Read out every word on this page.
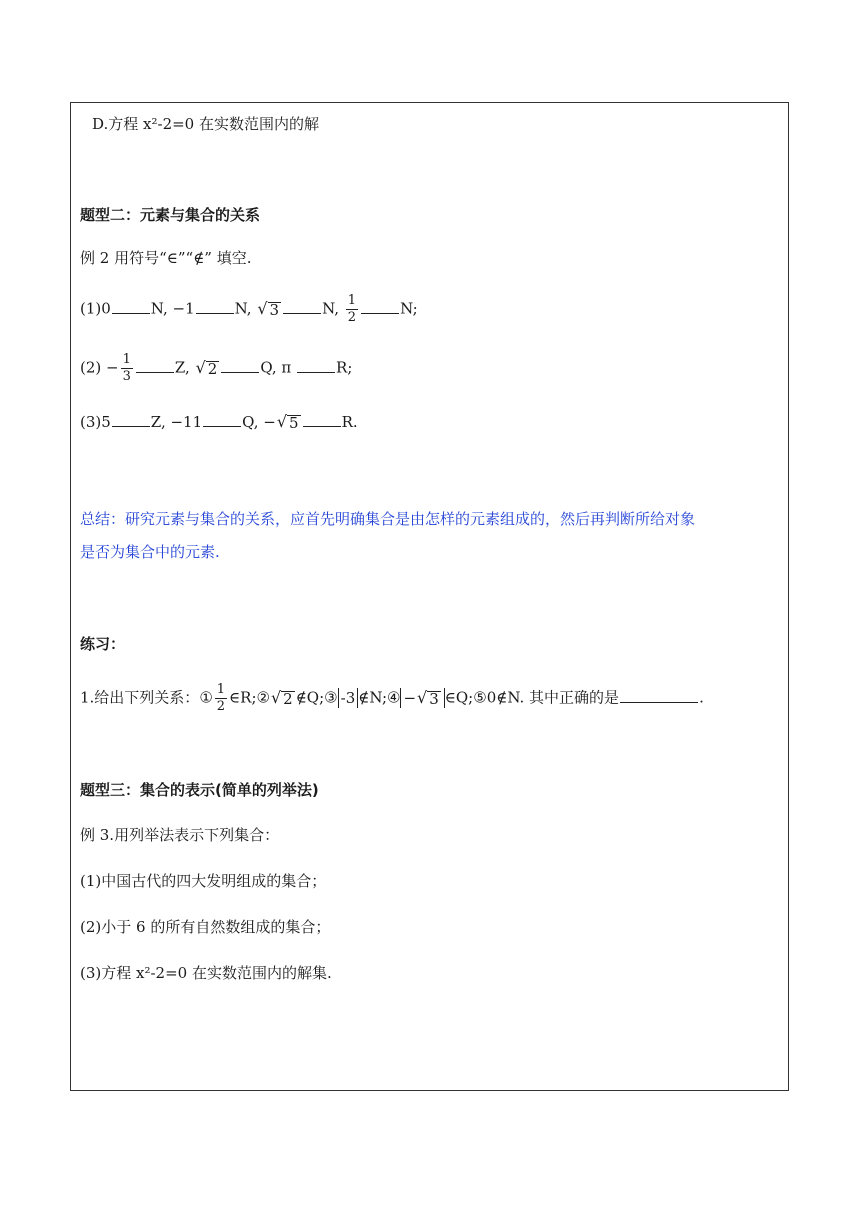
D.方程 x²-2=0 在实数范围内的解
题型二：元素与集合的关系
例 2 用符号“∈”“∉” 填空.
(1)0	N, −1	N, √ 3	N, $\frac{1}{2}$	N;
$(2) - \frac{1}{3}$	Z, √ 2	Q, π	R;
(3)5	Z, −11	Q, − √ 5	R.
总结：研究元素与集合的关系，应首先明确集合是由怎样的元素组成的，然后再判断所给对象
是否为集合中的元素.
练习：
1.给出下列关系：① $\frac{1}{2}$ ∈R;② √ 2 ∉Q;③ -3 ∉N;④ − √ 3 ∈Q;⑤0∉N. 其中正确的是	.
题型三：集合的表示(简单的列举法)
例 3.用列举法表示下列集合：
(1)中国古代的四大发明组成的集合；
(2)小于 6 的所有自然数组成的集合；
(3)方程 x²-2=0 在实数范围内的解集.
